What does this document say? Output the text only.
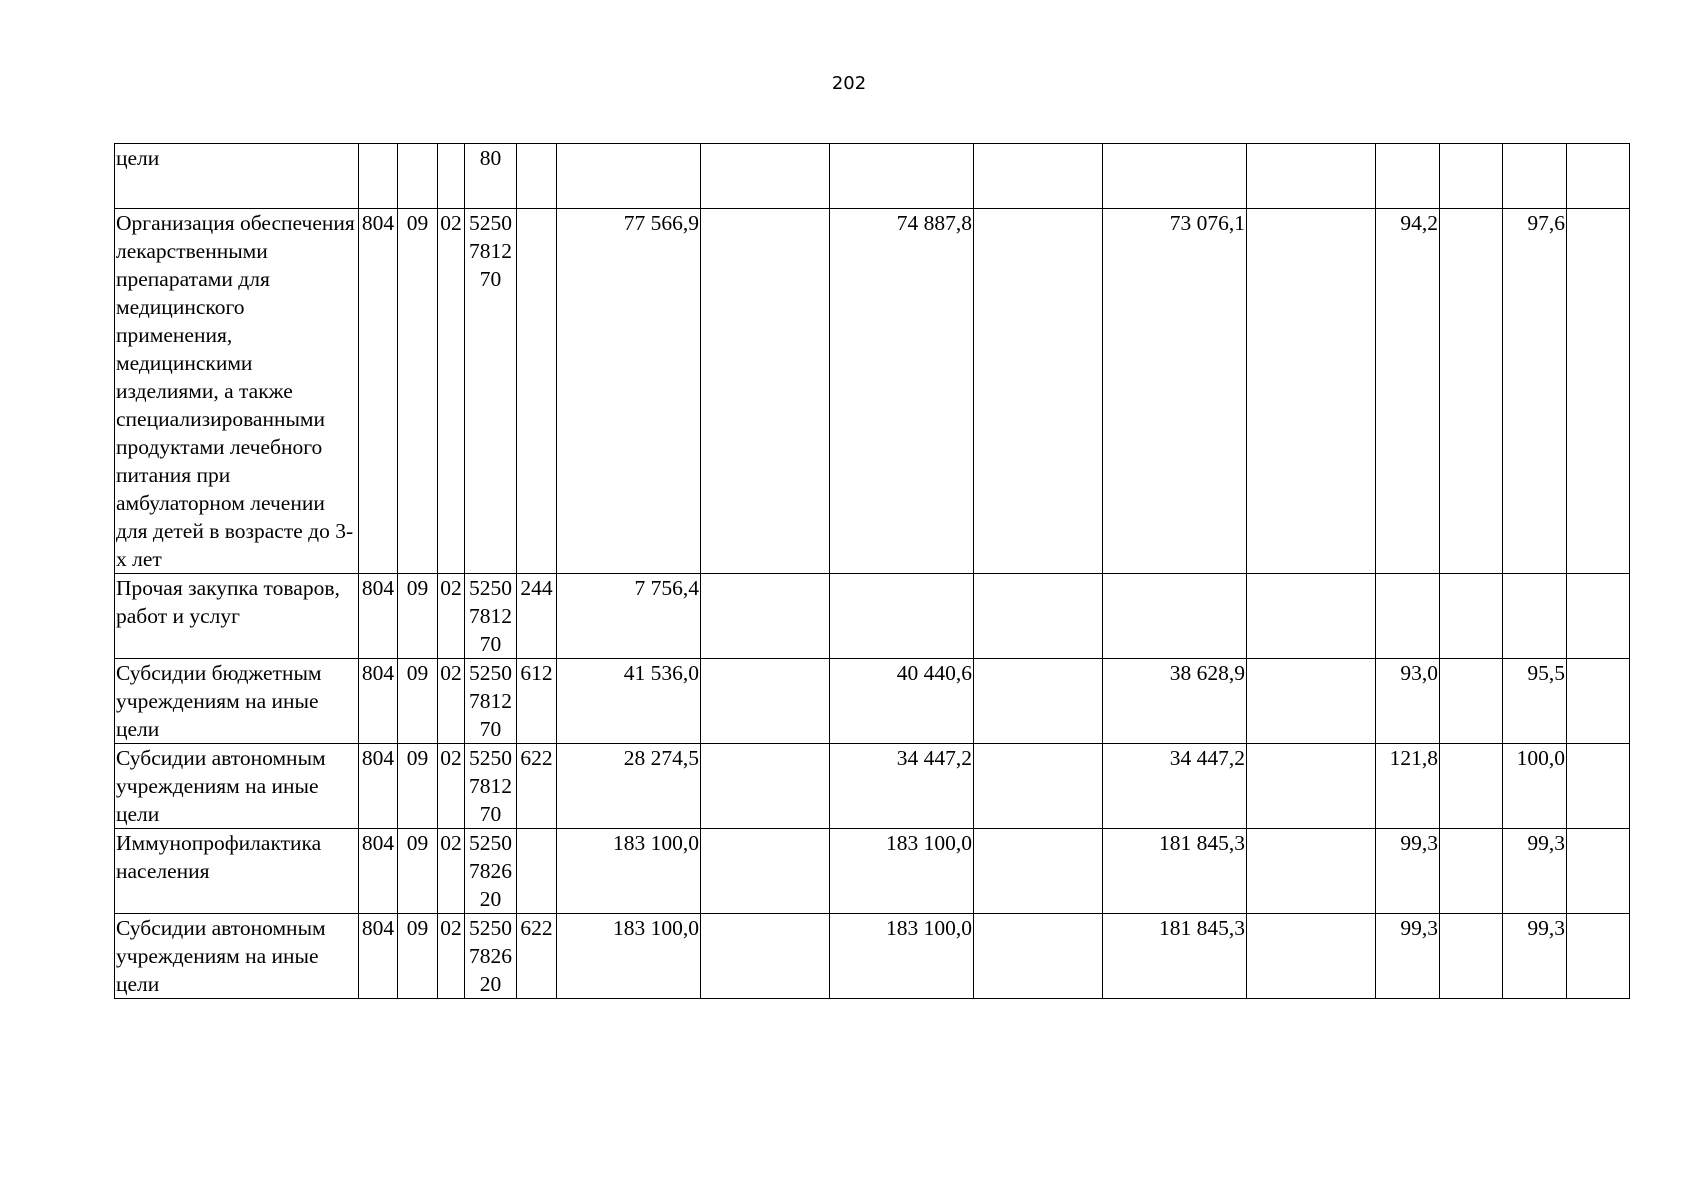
202
цели				80											
Организация обеспечения лекарственными препаратами для медицинского применения, медицинскими изделиями, а также специализированными продуктами лечебного питания при амбулаторном лечении для детей в возрасте до 3-х лет	804	09	02	5250781270		77 566,9		74 887,8		73 076,1		94,2		97,6	
Прочая закупка товаров, работ и услуг	804	09	02	5250781270	244	7 756,4									
Субсидии бюджетным учреждениям на иные цели	804	09	02	5250781270	612	41 536,0		40 440,6		38 628,9		93,0		95,5	
Субсидии автономным учреждениям на иные цели	804	09	02	5250781270	622	28 274,5		34 447,2		34 447,2		121,8		100,0	
Иммунопрофилактика населения	804	09	02	5250782620		183 100,0		183 100,0		181 845,3		99,3		99,3	
Субсидии автономным учреждениям на иные цели	804	09	02	5250782620	622	183 100,0		183 100,0		181 845,3		99,3		99,3	
